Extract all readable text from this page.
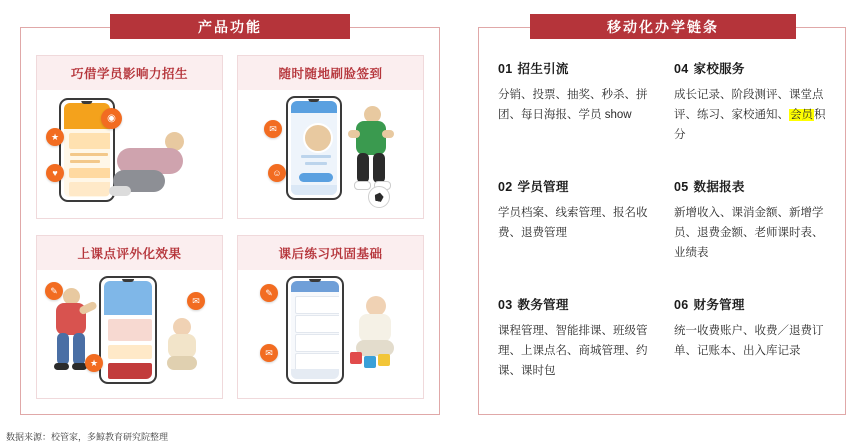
产品功能
巧借学员影响力招生
★
♥
◉
随时随地刷脸签到
✉
☺
上课点评外化效果
✎
✉
★
课后练习巩固基础
✎
✉
移动化办学链条
01 招生引流
分销、投票、抽奖、秒杀、拼团、每日海报、学员 show
04 家校服务
成长记录、阶段测评、课堂点评、练习、家校通知、会员积分
02 学员管理
学员档案、线索管理、报名收费、退费管理
05 数据报表
新增收入、课消金额、新增学员、退费金额、老师课时表、业绩表
03 教务管理
课程管理、智能排课、班级管理、上课点名、商城管理、约课、课时包
06 财务管理
统一收费账户、收费／退费订单、记账本、出入库记录
数据来源：校管家，多鲸教育研究院整理
